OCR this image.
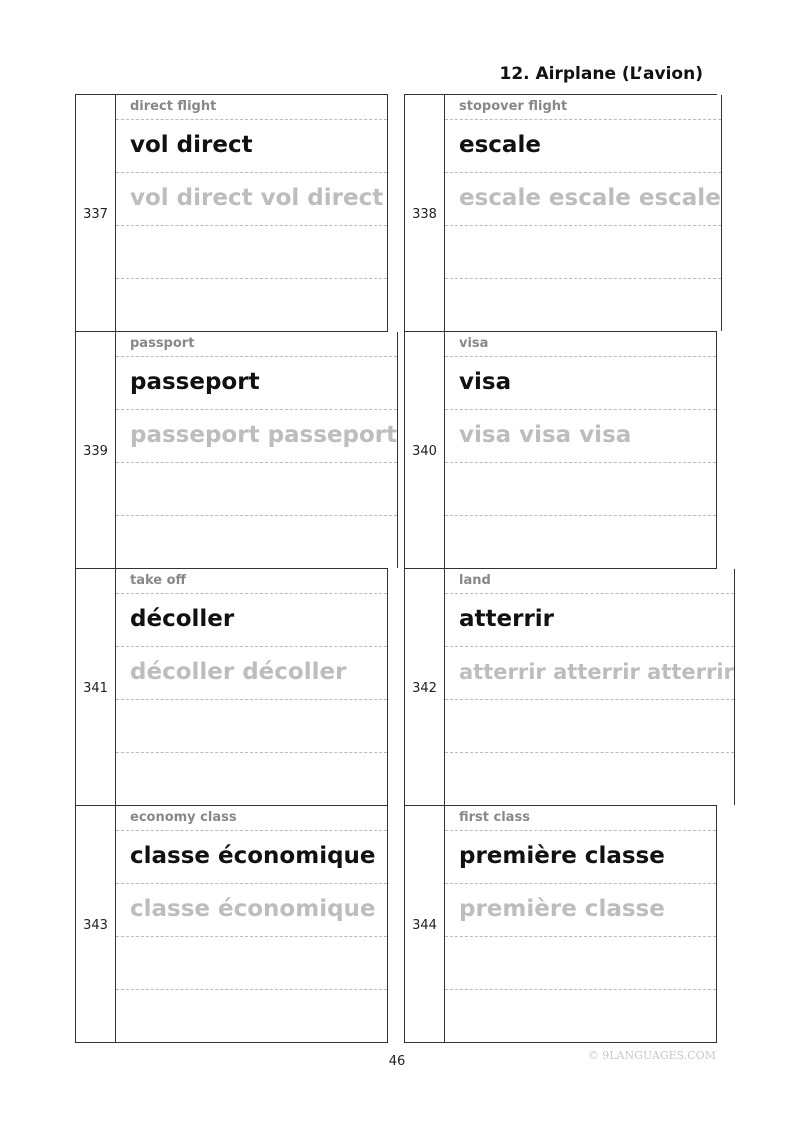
12. Airplane (L’avion)
337
direct flight
vol direct
vol direct vol direct
339
passport
passeport
passeport passeport
341
take off
décoller
décoller décoller
343
economy class
classe économique
classe économique
338
stopover flight
escale
escale escale escale
340
visa
visa
visa visa visa
342
land
atterrir
atterrir atterrir atterrir
344
first class
première classe
première classe
46	© 9LANGUAGES.COM
